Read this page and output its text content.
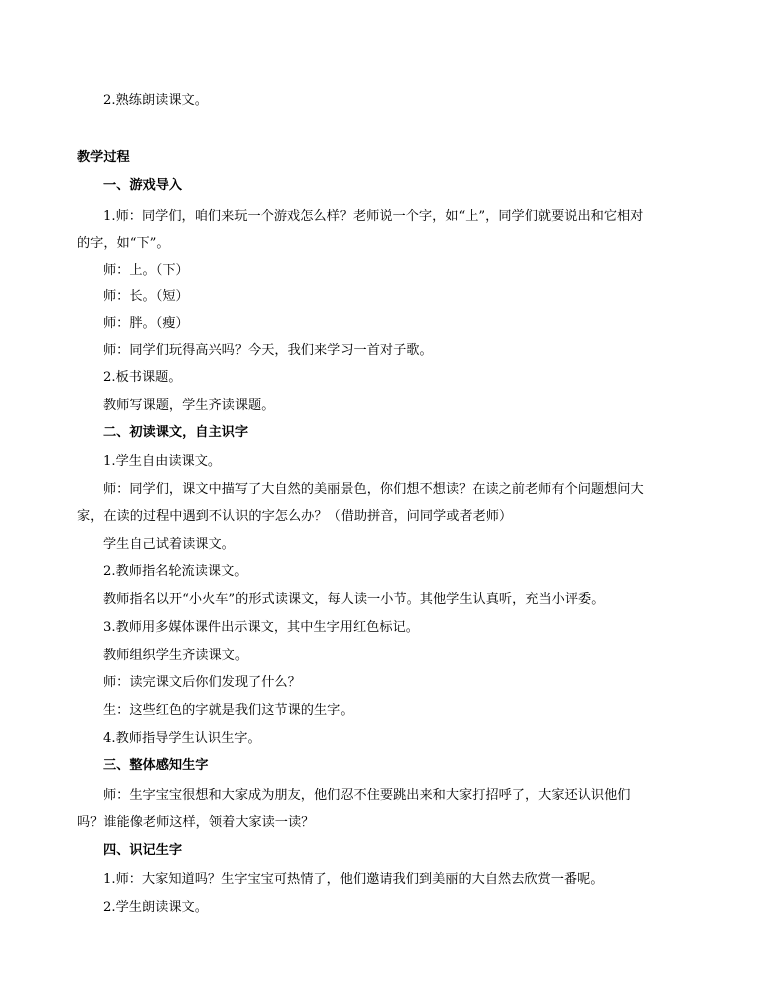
2.熟练朗读课文。
教学过程
一、游戏导入
1.师：同学们，咱们来玩一个游戏怎么样？老师说一个字，如“上”，同学们就要说出和它相对
的字，如“下”。
师：上。（下）
师：长。（短）
师：胖。（瘦）
师：同学们玩得高兴吗？今天，我们来学习一首对子歌。
2.板书课题。
教师写课题，学生齐读课题。
二、初读课文，自主识字
1.学生自由读课文。
师：同学们，课文中描写了大自然的美丽景色，你们想不想读？在读之前老师有个问题想问大
家，在读的过程中遇到不认识的字怎么办？（借助拼音，问同学或者老师）
学生自己试着读课文。
2.教师指名轮流读课文。
教师指名以开“小火车”的形式读课文，每人读一小节。其他学生认真听，充当小评委。
3.教师用多媒体课件出示课文，其中生字用红色标记。
教师组织学生齐读课文。
师：读完课文后你们发现了什么？
生：这些红色的字就是我们这节课的生字。
4.教师指导学生认识生字。
三、整体感知生字
师：生字宝宝很想和大家成为朋友，他们忍不住要跳出来和大家打招呼了，大家还认识他们
吗？谁能像老师这样，领着大家读一读？
四、识记生字
1.师：大家知道吗？生字宝宝可热情了，他们邀请我们到美丽的大自然去欣赏一番呢。
2.学生朗读课文。
